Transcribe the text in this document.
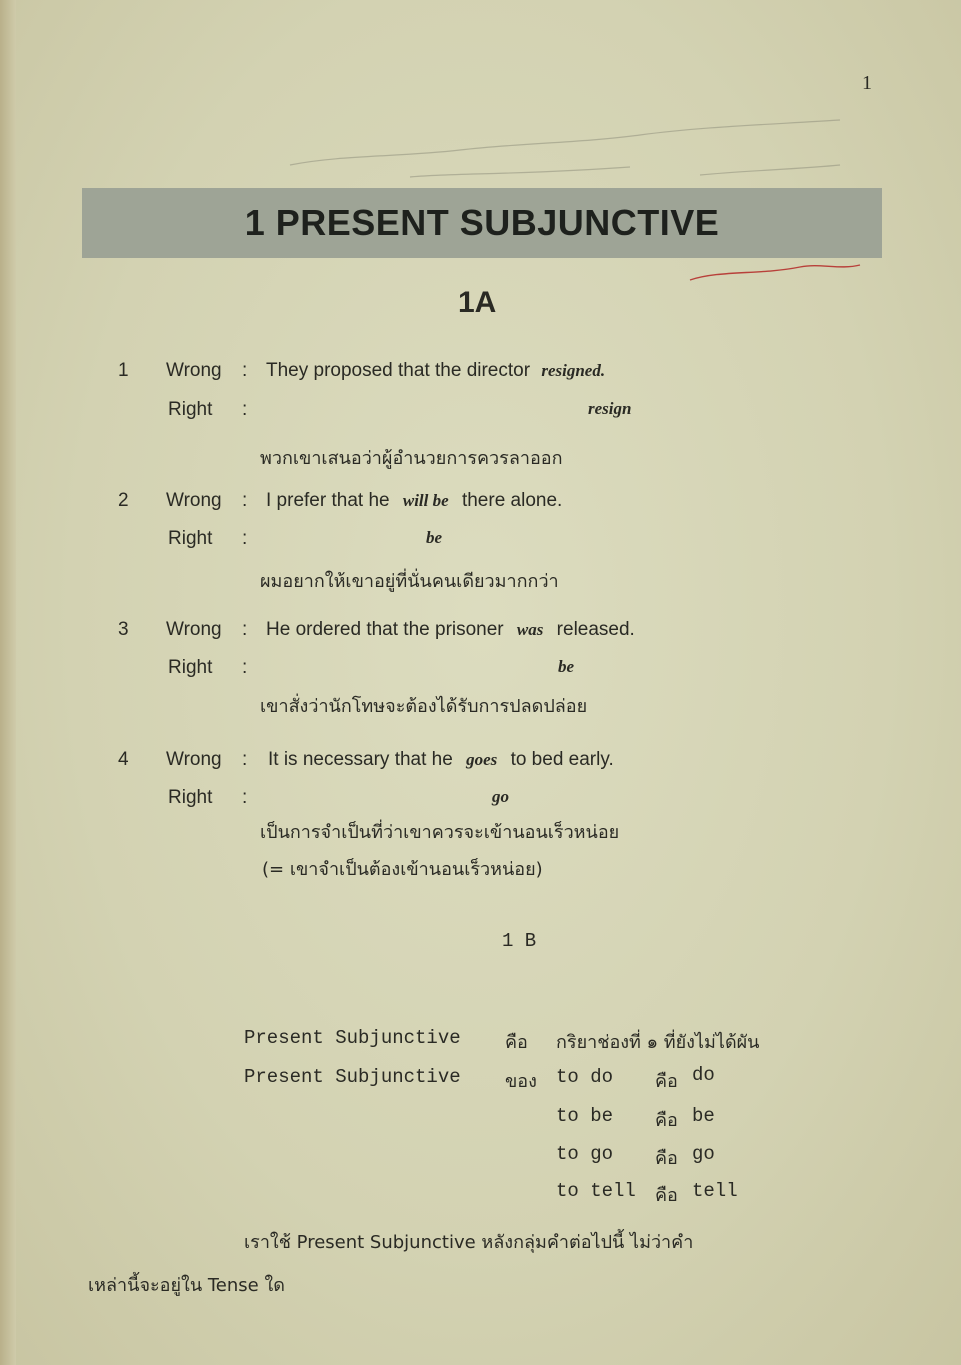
1
1 PRESENT SUBJUNCTIVE
1A
1 Wrong : They proposed that the director resigned.
Right :	resign
พวกเขาเสนอว่าผู้อำนวยการควรลาออก
2 Wrong : I prefer that he will be there alone.
Right :	be
ผมอยากให้เขาอยู่ที่นั่นคนเดียวมากกว่า
3 Wrong : He ordered that the prisoner was released.
Right :	be
เขาสั่งว่านักโทษจะต้องได้รับการปลดปล่อย
4 Wrong : It is necessary that he goes to bed early.
Right :	go
เป็นการจำเป็นที่ว่าเขาควรจะเข้านอนเร็วหน่อย
(= เขาจำเป็นต้องเข้านอนเร็วหน่อย)
1 B
Present Subjunctive คือ กริยาช่องที่ ๑ ที่ยังไม่ได้ผัน
Present Subjunctive ของ to do คือ do
to be คือ be
to go คือ go
to tell คือ tell
เราใช้ Present Subjunctive หลังกลุ่มคำต่อไปนี้ ไม่ว่าคำ
เหล่านี้จะอยู่ใน Tense ใด
